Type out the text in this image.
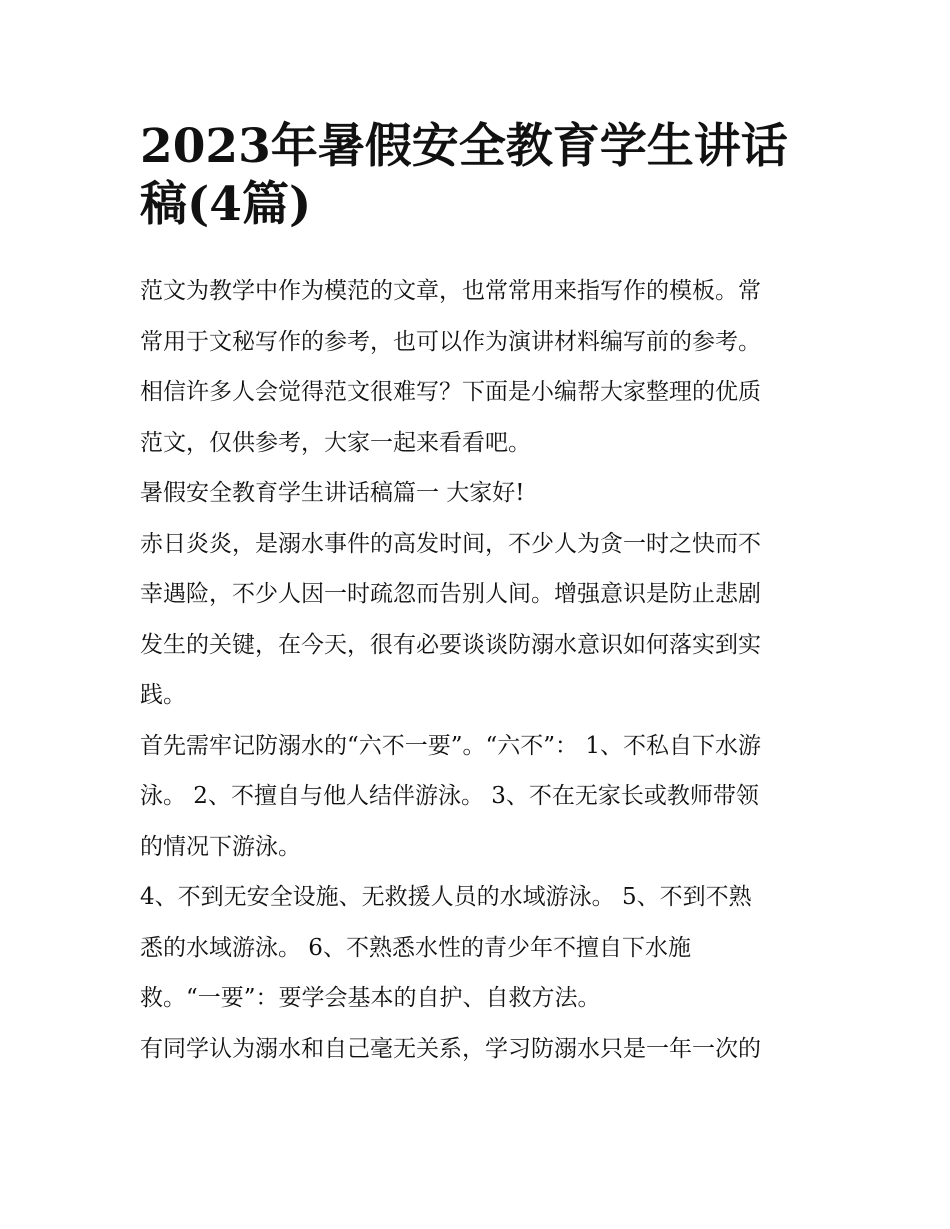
2023年暑假安全教育学生讲话
稿(4篇)
范文为教学中作为模范的文章，也常常用来指写作的模板。常
常用于文秘写作的参考，也可以作为演讲材料编写前的参考。
相信许多人会觉得范文很难写？下面是小编帮大家整理的优质
范文，仅供参考，大家一起来看看吧。
暑假安全教育学生讲话稿篇一 大家好!
赤日炎炎，是溺水事件的高发时间，不少人为贪一时之快而不
幸遇险，不少人因一时疏忽而告别人间。增强意识是防止悲剧
发生的关键，在今天，很有必要谈谈防溺水意识如何落实到实
践。
首先需牢记防溺水的“六不一要”。“六不”： 1、不私自下水游
泳。 2、不擅自与他人结伴游泳。 3、不在无家长或教师带领
的情况下游泳。
4、不到无安全设施、无救援人员的水域游泳。 5、不到不熟
悉的水域游泳。 6、不熟悉水性的青少年不擅自下水施
救。“一要”：要学会基本的自护、自救方法。
有同学认为溺水和自己毫无关系，学习防溺水只是一年一次的
